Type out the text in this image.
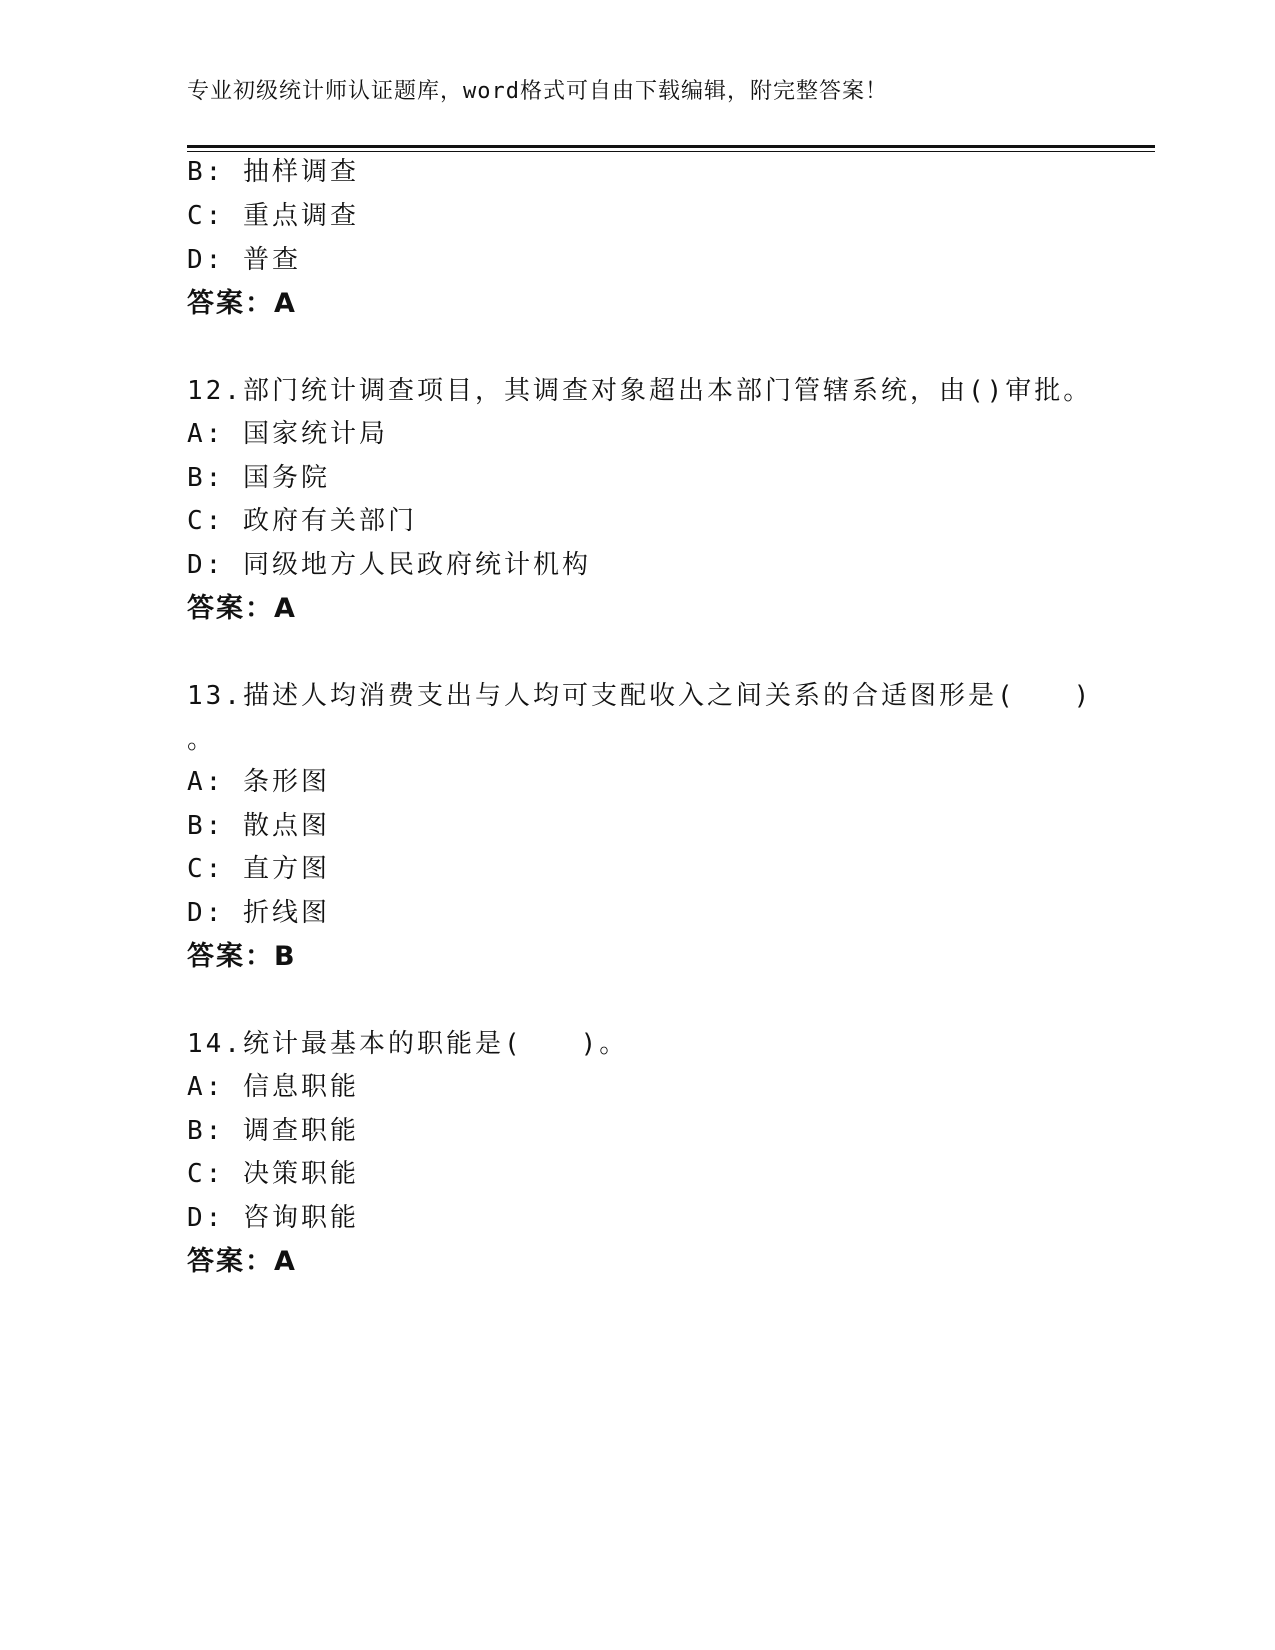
专业初级统计师认证题库，word格式可自由下载编辑，附完整答案！
B: 抽样调查
C: 重点调查
D: 普查
答案：A
12.部门统计调查项目，其调查对象超出本部门管辖系统，由()审批。
A: 国家统计局
B: 国务院
C: 政府有关部门
D: 同级地方人民政府统计机构
答案：A
13.描述人均消费支出与人均可支配收入之间关系的合适图形是(　　)
。
A: 条形图
B: 散点图
C: 直方图
D: 折线图
答案：B
14.统计最基本的职能是(　　)。
A: 信息职能
B: 调查职能
C: 决策职能
D: 咨询职能
答案：A
